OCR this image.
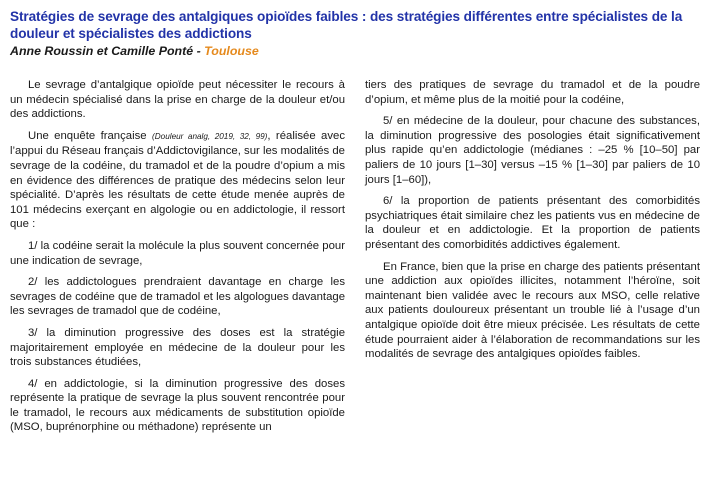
Stratégies de sevrage des antalgiques opioïdes faibles : des stratégies différentes entre spécialistes de la douleur et spécialistes des addictions
Anne Roussin et Camille Ponté - Toulouse

Le sevrage d’antalgique opioïde peut nécessiter le recours à un médecin spécialisé dans la prise en charge de la douleur et/ou des addictions.

Une enquête française (Douleur analg, 2019, 32, 99), réalisée avec l’appui du Réseau français d’Addictovigilance, sur les modalités de sevrage de la codéine, du tramadol et de la poudre d’opium a mis en évidence des différences de pratique des médecins selon leur spécialité. D’après les résultats de cette étude menée auprès de 101 médecins exerçant en algologie ou en addictologie, il ressort que :

1/ la codéine serait la molécule la plus souvent concernée pour une indication de sevrage,

2/ les addictologues prendraient davantage en charge les sevrages de codéine que de tramadol et les algologues davantage les sevrages de tramadol que de codéine,

3/ la diminution progressive des doses est la stratégie majoritairement employée en médecine de la douleur pour les trois substances étudiées,

4/ en addictologie, si la diminution progressive des doses représente la pratique de sevrage la plus souvent rencontrée pour le tramadol, le recours aux médicaments de substitution opioïde (MSO, buprénorphine ou méthadone) représente un

tiers des pratiques de sevrage du tramadol et de la poudre d’opium, et même plus de la moitié pour la codéine,

5/ en médecine de la douleur, pour chacune des substances, la diminution progressive des posologies était significativement plus rapide qu’en addictologie (médianes : –25 % [10–50] par paliers de 10 jours [1–30] versus –15 % [1–30] par paliers de 10 jours [1–60]),

6/ la proportion de patients présentant des comorbidités psychiatriques était similaire chez les patients vus en médecine de la douleur et en addictologie. Et la proportion de patients présentant des comorbidités addictives également.

En France, bien que la prise en charge des patients présentant une addiction aux opioïdes illicites, notamment l’héroïne, soit maintenant bien validée avec le recours aux MSO, celle relative aux patients douloureux présentant un trouble lié à l’usage d’un antalgique opioïde doit être mieux précisée. Les résultats de cette étude pourraient aider à l’élaboration de recommandations sur les modalités de sevrage des antalgiques opioïdes faibles.
